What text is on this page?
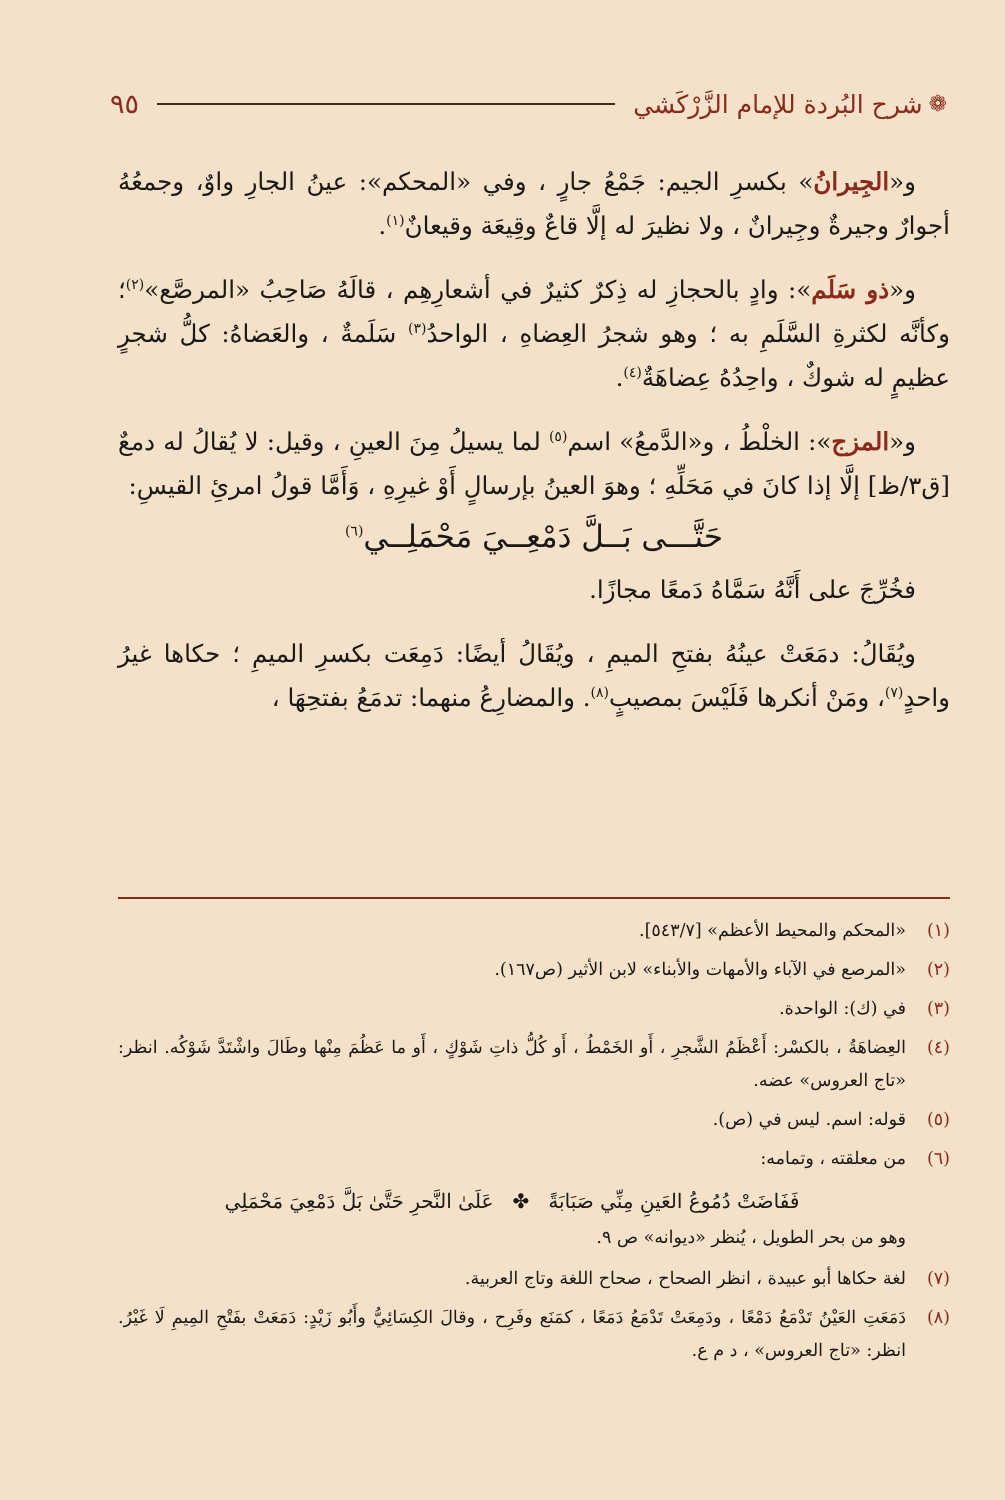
❁
شرح البُردة للإمام الزَّرْكَشي
٩٥

و«الجِيرانُ» بكسرِ الجيم: جَمْعُ جارٍ ، وفي «المحكم»: عينُ الجارِ واوٌ، وجمعُهُ أجوارٌ وجيرةٌ وجِيرانٌ ، ولا نظيرَ له إلَّا قاعٌ وقِيعَة وقيعانٌ$^{(١)}$.

و«ذو سَلَم»: وادٍ بالحجازِ له ذِكرٌ كثيرٌ في أشعارِهِم ، قالَهُ صَاحِبُ «المرصَّع»$^{(٢)}$؛ وكأنَّه لكثرةِ السَّلَمِ به ؛ وهو شجرُ العِضاهِ ، الواحدُ$^{(٣)}$ سَلَمةٌ ، والعَضاهُ: كلُّ شجرٍ عظيمٍ له شوكٌ ، واحِدُهُ عِضاهَةٌ$^{(٤)}$.

و«المزج»: الخلْطُ ، و«الدَّمعُ» اسم$^{(٥)}$ لما يسيلُ مِنَ العينِ ، وقيل: لا يُقالُ له دمعٌ [ق٣/ظ] إلَّا إذا كانَ في مَحَلِّهِ ؛ وهوَ العينُ بإرسالٍ أَوْ غيرِهِ ، وَأَمَّا قولُ امرئِ القيسِ:

حَتَّـــى بَــلَّ دَمْعِــيَ مَحْمَلِــي$^{(٦)}$

فخُرِّجَ على أَنَّهُ سَمَّاهُ دَمعًا مجازًا.

ويُقَالُ: دمَعَتْ عينُهُ بفتحِ الميمِ ، ويُقَالُ أيضًا: دَمِعَت بكسرِ الميمِ ؛ حكاها غيرُ واحدٍ$^{(٧)}$، ومَنْ أنكرها فَلَيْسَ بمصيبٍ$^{(٨)}$. والمضارِعُ منهما: تدمَعُ بفتحِهَا ،

(١)
«المحكم والمحيط الأعظم» [٥٤٣/٧].
(٢)
«المرصع في الآباء والأمهات والأبناء» لابن الأثير (ص١٦٧).
(٣)
في (ك): الواحدة.
(٤)
العِضاهَةُ ، بالكسْر: أَعْظَمُ الشَّجرِ ، أَو الخَمْطُ ، أَو كُلُّ ذاتِ شَوْكٍ ، أَو ما عَظُمَ مِنْها وطَالَ واشْتَدَّ شَوْكُه. انظر: «تاج العروس» عضه.
(٥)
قوله: اسم. ليس في (ص).
(٦)
من معلقته ، وتمامه:
فَفَاضَتْ دُمُوعُ العَينِ مِنِّي صَبَابَةً   ✤   عَلَىٰ النَّحرِ حَتَّىٰ بَلَّ دَمْعِيَ مَحْمَلِي
وهو من بحر الطويل ، يُنظر «ديوانه» ص ٩.
(٧)
لغة حكاها أبو عبيدة ، انظر الصحاح ، صحاح اللغة وتاج العربية.
(٨)
دَمَعَتِ العَيْنُ تَدْمَعُ دَمْعًا ، ودَمِعَتْ تَدْمَعُ دَمَعًا ، كمَنَع وفَرِح ، وقالَ الكِسَائِيُّ وأَبُو زَيْدٍ: دَمَعَتْ بفَتْحِ المِيمِ لَا غَيْرُ. انظر: «تاج العروس» ، د م ع.
